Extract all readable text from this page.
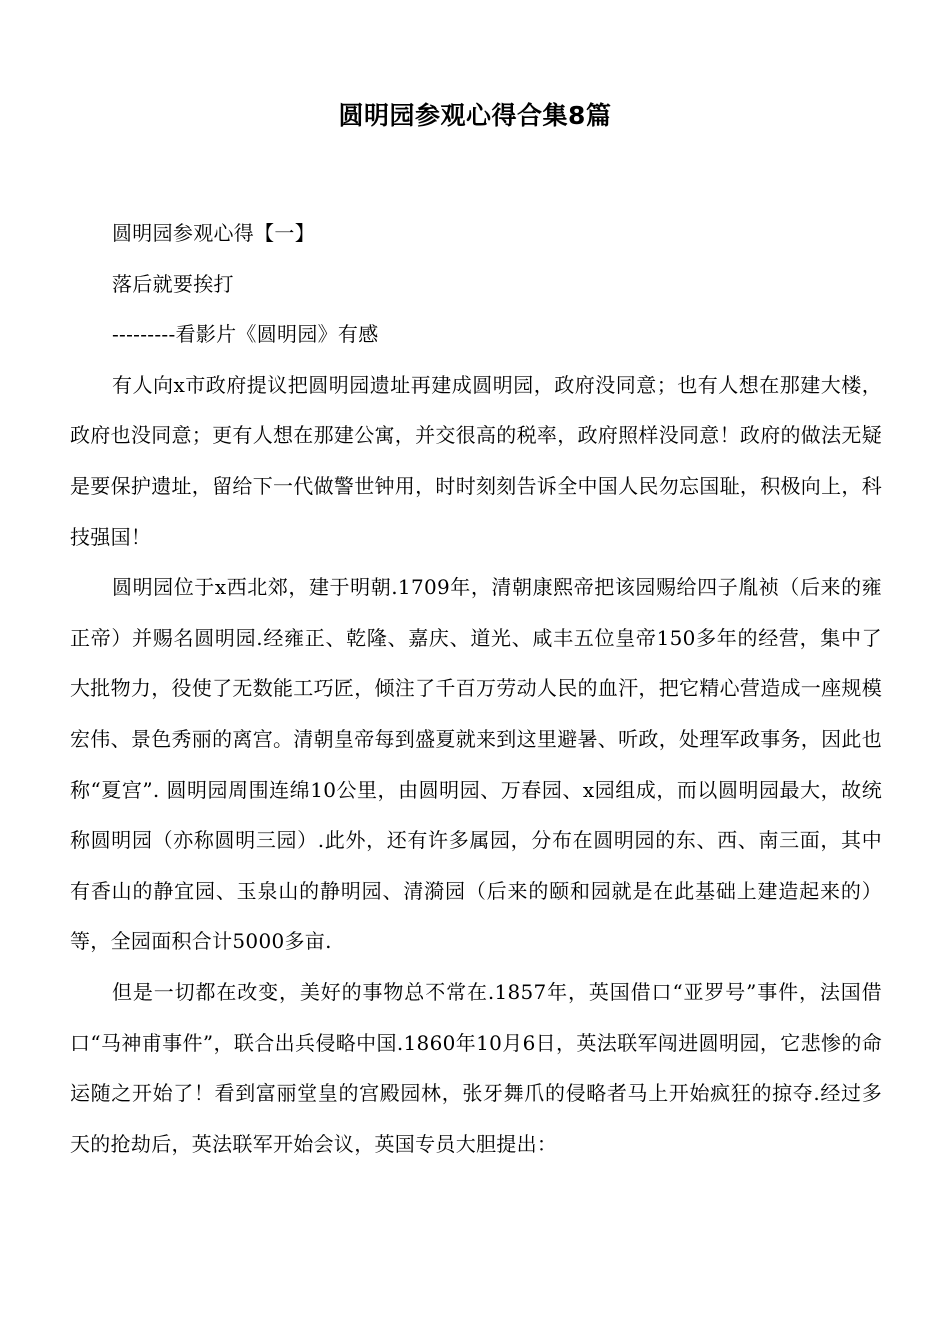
圆明园参观心得合集8篇

圆明园参观心得【一】

落后就要挨打

---------看影片《圆明园》有感

有人向x市政府提议把圆明园遗址再建成圆明园，政府没同意；也有人想在那建大楼，政府也没同意；更有人想在那建公寓，并交很高的税率，政府照样没同意！政府的做法无疑是要保护遗址，留给下一代做警世钟用，时时刻刻告诉全中国人民勿忘国耻，积极向上，科技强国！

圆明园位于x西北郊，建于明朝.1709年，清朝康熙帝把该园赐给四子胤祯（后来的雍正帝）并赐名圆明园.经雍正、乾隆、嘉庆、道光、咸丰五位皇帝150多年的经营，集中了大批物力，役使了无数能工巧匠，倾注了千百万劳动人民的血汗，把它精心营造成一座规模宏伟、景色秀丽的离宫。清朝皇帝每到盛夏就来到这里避暑、听政，处理军政事务，因此也称“夏宫”. 圆明园周围连绵10公里，由圆明园、万春园、x园组成，而以圆明园最大，故统称圆明园（亦称圆明三园）.此外，还有许多属园，分布在圆明园的东、西、南三面，其中有香山的静宜园、玉泉山的静明园、清漪园（后来的颐和园就是在此基础上建造起来的）等，全园面积合计5000多亩.

但是一切都在改变，美好的事物总不常在.1857年，英国借口“亚罗号”事件，法国借口“马神甫事件”，联合出兵侵略中国.1860年10月6日，英法联军闯进圆明园，它悲惨的命运随之开始了！看到富丽堂皇的宫殿园林，张牙舞爪的侵略者马上开始疯狂的掠夺.经过多天的抢劫后，英法联军开始会议，英国专员大胆提出：
